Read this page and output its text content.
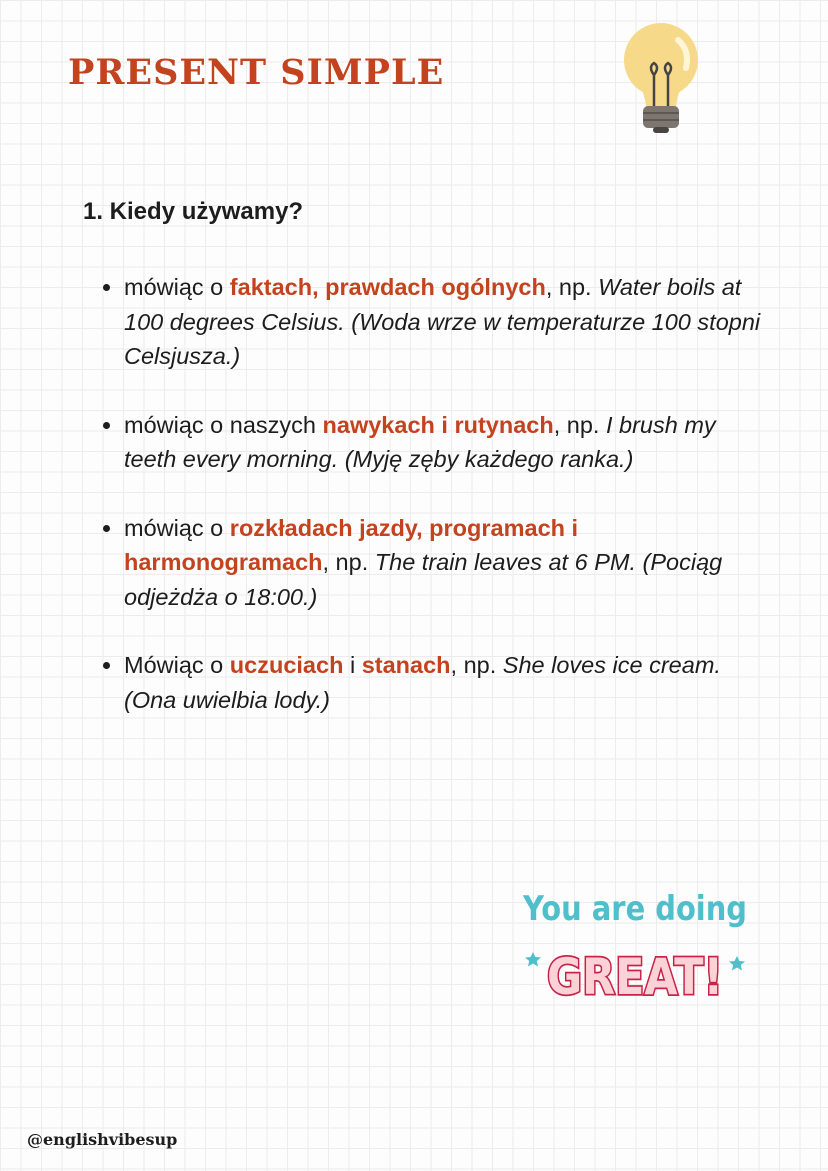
PRESENT SIMPLE
1. Kiedy używamy?
• mówiąc o faktach, prawdach ogólnych, np. Water boils at 100 degrees Celsius. (Woda wrze w temperaturze 100 stopni Celsjusza.)
• mówiąc o naszych nawykach i rutynach, np. I brush my teeth every morning. (Myję zęby każdego ranka.)
• mówiąc o rozkładach jazdy, programach i harmonogramach, np. The train leaves at 6 PM. (Pociąg odjeżdża o 18:00.)
• Mówiąc o uczuciach i stanach, np. She loves ice cream. (Ona uwielbia lody.)
You are doing
GREAT!
@englishvibesup
